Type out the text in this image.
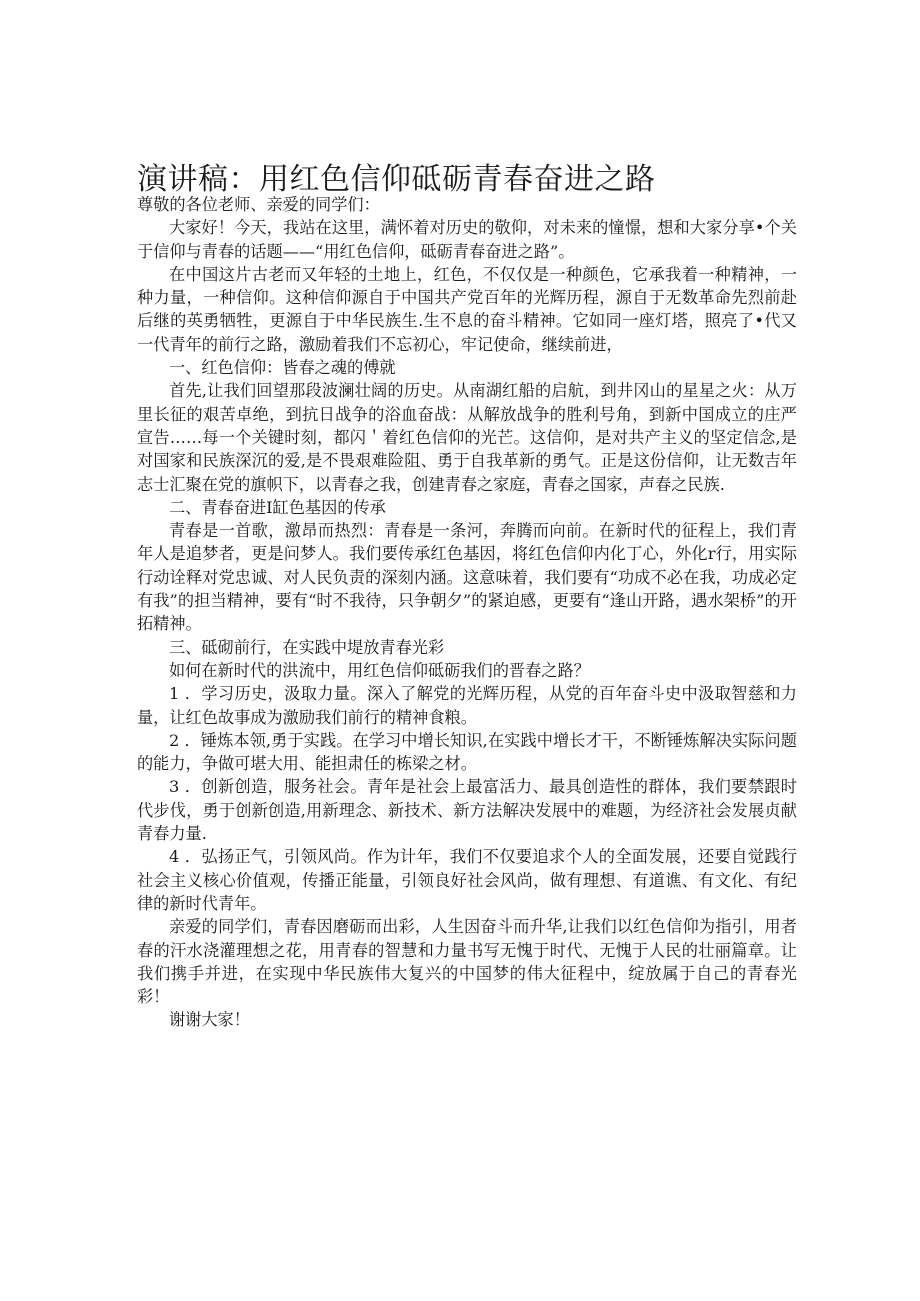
演讲稿：用红色信仰砥砺青春奋进之路

尊敬的各位老师、亲爱的同学们：

大家好！今天，我站在这里，满怀着对历史的敬仰，对未来的憧憬，想和大家分享•个关于信仰与青春的话题——“用红色信仰，砥砺青春奋进之路”。

在中国这片古老而又年轻的土地上，红色，不仅仅是一种颜色，它承我着一种精神，一种力量，一种信仰。这种信仰源自于中国共产党百年的光辉历程，源自于无数革命先烈前赴后继的英勇牺牲，更源自于中华民族生.生不息的奋斗精神。它如同一座灯塔，照亮了•代又一代青年的前行之路，激励着我们不忘初心，牢记使命，继续前进，

一、红色信仰：皆春之魂的傅就

首先,让我们回望那段波澜壮阔的历史。从南湖红船的启航，到井冈山的星星之火：从万里长征的艰苦卓绝，到抗日战争的浴血奋战：从解放战争的胜利号角，到新中国成立的庄严宣告……每一个关键时刻，都闪＇着红色信仰的光芒。这信仰，是对共产主义的坚定信念,是对国家和民族深沉的爱,是不畏艰难险阻、勇于自我革新的勇气。正是这份信仰，让无数吉年志士汇聚在党的旗帜下，以青春之我，创建青春之家庭，青春之国家，声春之民族.

二、青春奋进Ⅰ缸色基因的传承

青春是一首歌，激昂而热烈：青春是一条河，奔腾而向前。在新时代的征程上，我们青年人是追梦者，更是问梦人。我们要传承红色基因，将红色信仰内化丁心，外化r行，用实际行动诠释对党忠诚、对人民负责的深刻内涵。这意味着，我们要有“功成不必在我，功成必定有我”的担当精神，要有“时不我待，只争朝夕”的紧迫感，更要有“逢山开路，遇水架桥”的开拓精神。

三、砥砌前行，在实践中堤放青春光彩

如何在新时代的洪流中，用红色信仰砥砺我们的晋春之路？

1 ．学习历史，汲取力量。深入了解党的光辉历程，从党的百年奋斗史中汲取智慈和力量，让红色故事成为激励我们前行的精神食粮。

2 ．锤炼本领,勇于实践。在学习中增长知识,在实践中增长才干，不断锤炼解决实际问题的能力，争做可堪大用、能担肃任的栋梁之材。

3 ．创新创造，服务社会。青年是社会上最富活力、最具创造性的群体，我们要禁跟时代步伐，勇于创新创造,用新理念、新技术、新方法解决发展中的难题，为经济社会发展贞献青春力量.

4 ．弘扬正气，引领风尚。作为计年，我们不仅要追求个人的全面发展，还要自觉践行社会主义核心价值观，传播正能量，引领良好社会风尚，做有理想、有道谯、有文化、有纪律的新时代青年。

亲爱的同学们，青春因磨砺而出彩，人生因奋斗而升华,让我们以红色信仰为指引，用者春的汗水浇灌理想之花，用青春的智慧和力量书写无愧于时代、无愧于人民的壮丽篇章。让我们携手并进，在实现中华民族伟大复兴的中国梦的伟大征程中，绽放属于自己的青春光彩！

谢谢大家！
